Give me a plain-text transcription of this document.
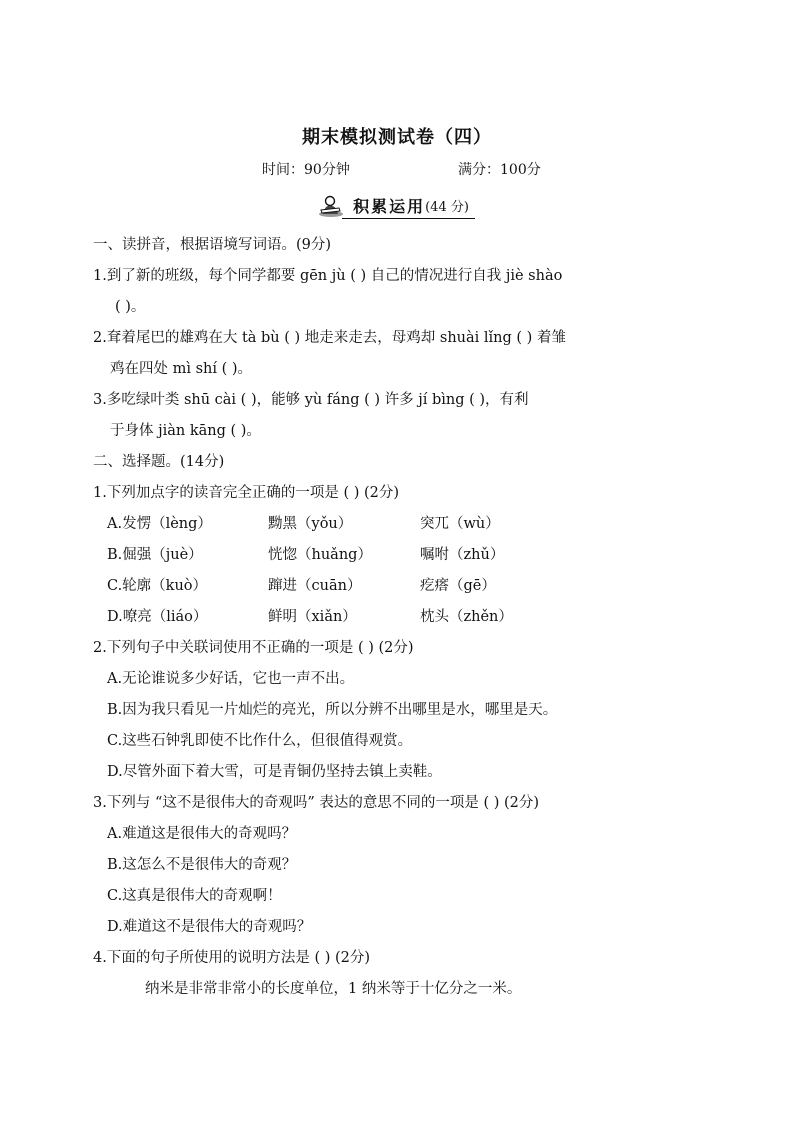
期末模拟测试卷（四）
时间：90分钟	满分：100分
积累运用(44 分)
一、读拼音，根据语境写词语。(9分)
1.到了新的班级，每个同学都要 gēn jù ( ) 自己的情况进行自我 jiè shào
( )。
2.耷着尾巴的雄鸡在大 tà bù ( ) 地走来走去，母鸡却 shuài lǐng ( ) 着雏
鸡在四处 mì shí ( )。
3.多吃绿叶类 shū cài ( )，能够 yù fáng ( ) 许多 jí bìng ( )，有利
于身体 jiàn kāng ( )。
二、选择题。(14分)
1.下列加点字的读音完全正确的一项是 ( ) (2分)
A.发愣（lèng）	黝黑（yǒu）	突兀（wù）
B.倔强（juè）	恍惚（huǎng）	嘱咐（zhǔ）
C.轮廓（kuò）	蹿进（cuān）	疙瘩（gē）
D.嘹亮（liáo）	鲜明（xiǎn）	枕头（zhěn）
2.下列句子中关联词使用不正确的一项是 ( ) (2分)
A.无论谁说多少好话，它也一声不出。
B.因为我只看见一片灿烂的亮光，所以分辨不出哪里是水，哪里是天。
C.这些石钟乳即使不比作什么，但很值得观赏。
D.尽管外面下着大雪，可是青铜仍坚持去镇上卖鞋。
3.下列与 “这不是很伟大的奇观吗” 表达的意思不同的一项是 ( ) (2分)
A.难道这是很伟大的奇观吗？
B.这怎么不是很伟大的奇观？
C.这真是很伟大的奇观啊！
D.难道这不是很伟大的奇观吗？
4.下面的句子所使用的说明方法是 ( ) (2分)
纳米是非常非常小的长度单位，1 纳米等于十亿分之一米。
